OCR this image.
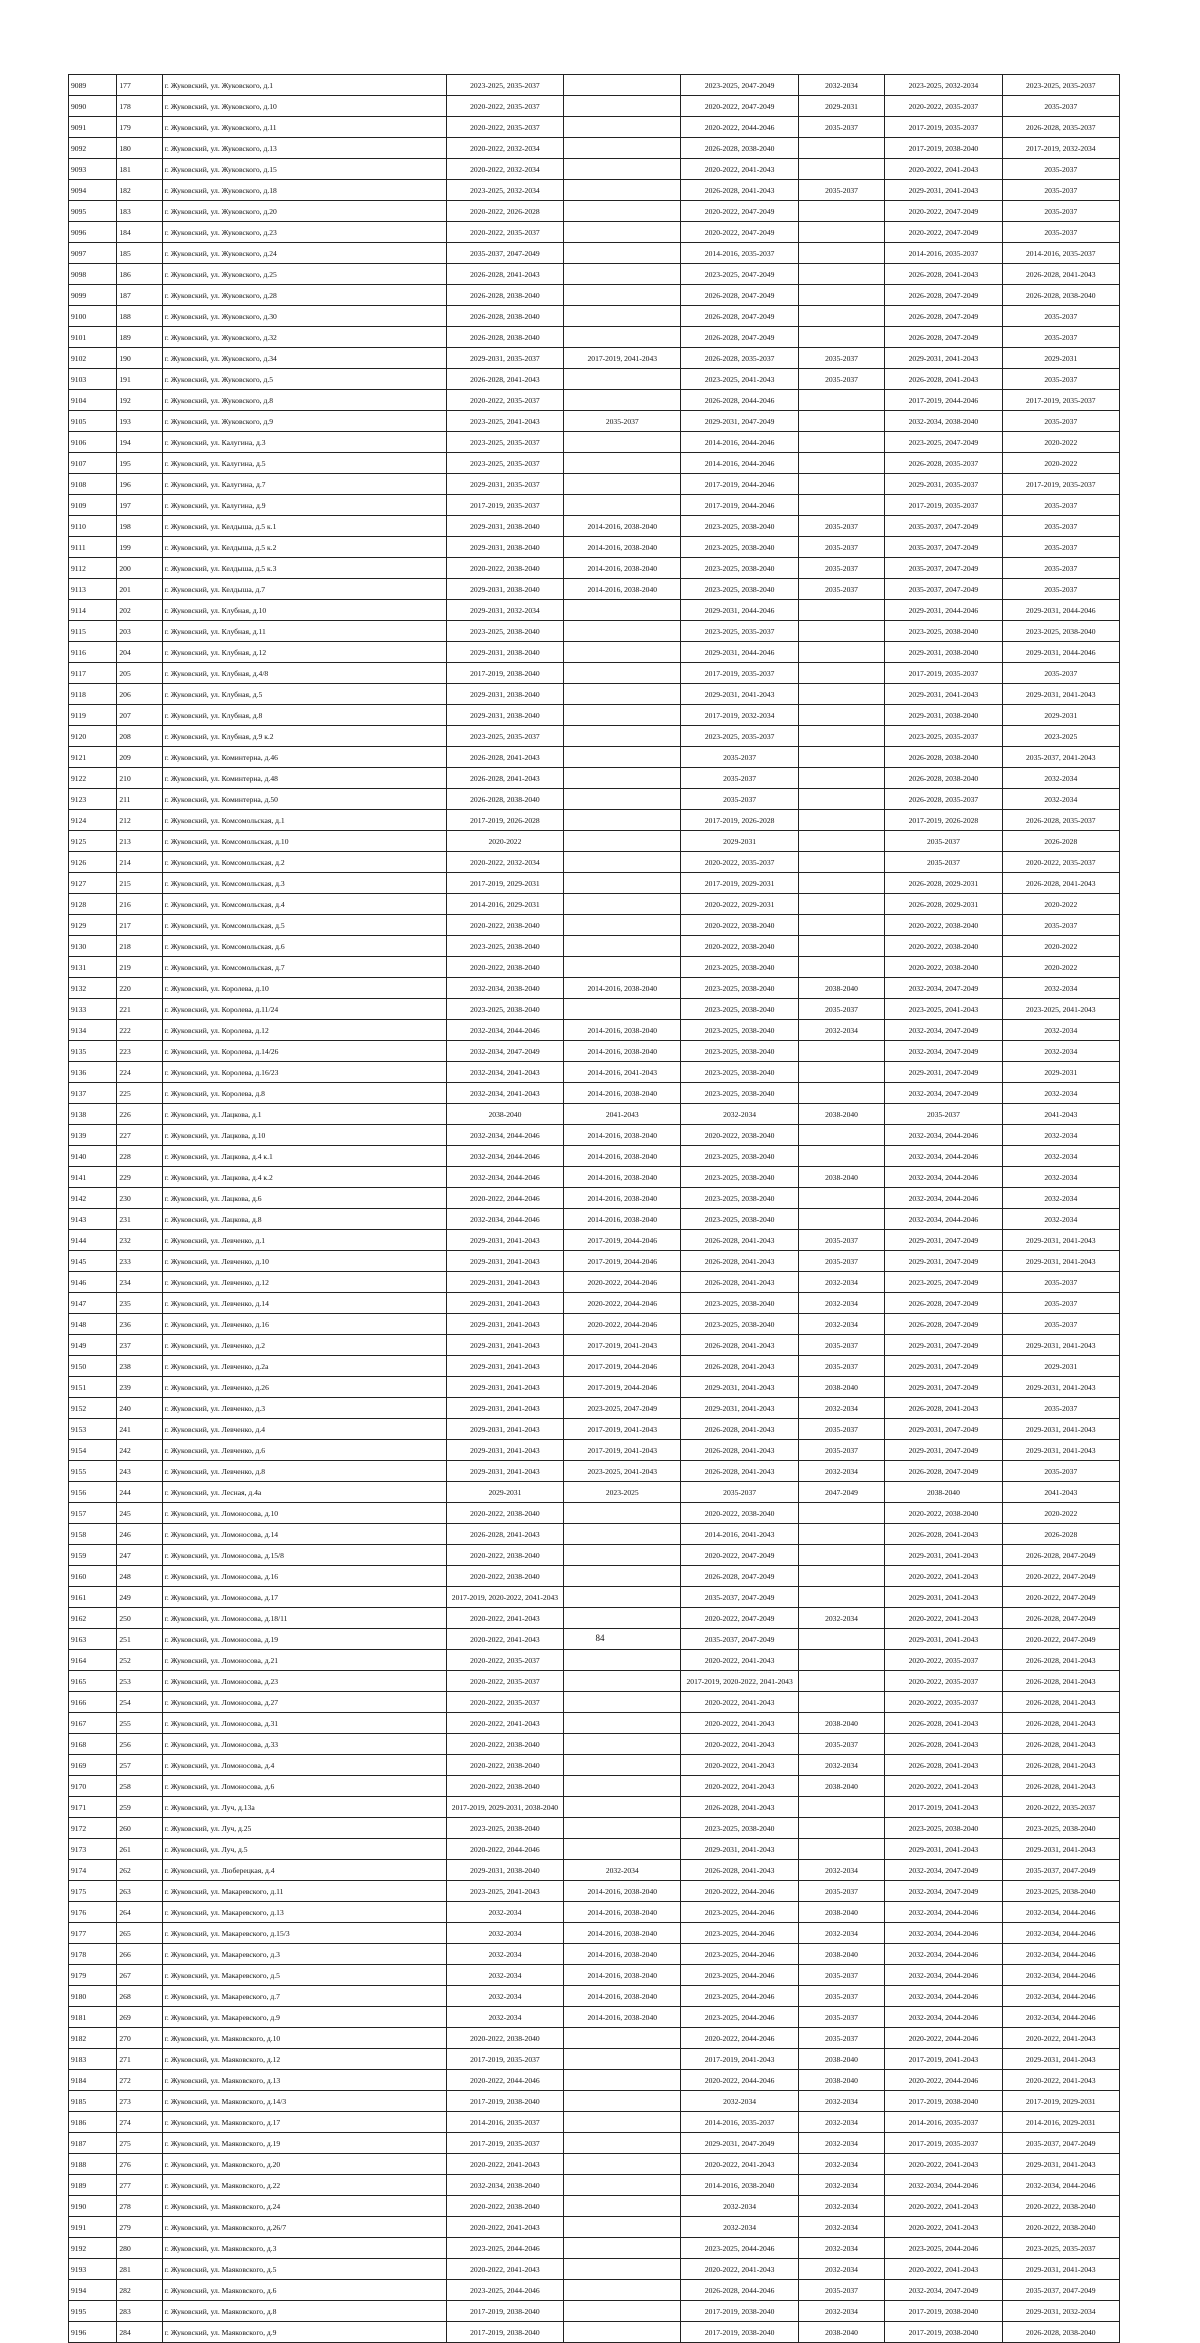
9089	177	г. Жуковский, ул. Жуковского, д.1	2023-2025, 2035-2037		2023-2025, 2047-2049	2032-2034	2023-2025, 2032-2034	2023-2025, 2035-2037
9090	178	г. Жуковский, ул. Жуковского, д.10	2020-2022, 2035-2037		2020-2022, 2047-2049	2029-2031	2020-2022, 2035-2037	2035-2037
9091	179	г. Жуковский, ул. Жуковского, д.11	2020-2022, 2035-2037		2020-2022, 2044-2046	2035-2037	2017-2019, 2035-2037	2026-2028, 2035-2037
9092	180	г. Жуковский, ул. Жуковского, д.13	2020-2022, 2032-2034		2026-2028, 2038-2040		2017-2019, 2038-2040	2017-2019, 2032-2034
9093	181	г. Жуковский, ул. Жуковского, д.15	2020-2022, 2032-2034		2020-2022, 2041-2043		2020-2022, 2041-2043	2035-2037
9094	182	г. Жуковский, ул. Жуковского, д.18	2023-2025, 2032-2034		2026-2028, 2041-2043	2035-2037	2029-2031, 2041-2043	2035-2037
9095	183	г. Жуковский, ул. Жуковского, д.20	2020-2022, 2026-2028		2020-2022, 2047-2049		2020-2022, 2047-2049	2035-2037
9096	184	г. Жуковский, ул. Жуковского, д.23	2020-2022, 2035-2037		2020-2022, 2047-2049		2020-2022, 2047-2049	2035-2037
9097	185	г. Жуковский, ул. Жуковского, д.24	2035-2037, 2047-2049		2014-2016, 2035-2037		2014-2016, 2035-2037	2014-2016, 2035-2037
9098	186	г. Жуковский, ул. Жуковского, д.25	2026-2028, 2041-2043		2023-2025, 2047-2049		2026-2028, 2041-2043	2026-2028, 2041-2043
9099	187	г. Жуковский, ул. Жуковского, д.28	2026-2028, 2038-2040		2026-2028, 2047-2049		2026-2028, 2047-2049	2026-2028, 2038-2040
9100	188	г. Жуковский, ул. Жуковского, д.30	2026-2028, 2038-2040		2026-2028, 2047-2049		2026-2028, 2047-2049	2035-2037
9101	189	г. Жуковский, ул. Жуковского, д.32	2026-2028, 2038-2040		2026-2028, 2047-2049		2026-2028, 2047-2049	2035-2037
9102	190	г. Жуковский, ул. Жуковского, д.34	2029-2031, 2035-2037	2017-2019, 2041-2043	2026-2028, 2035-2037	2035-2037	2029-2031, 2041-2043	2029-2031
9103	191	г. Жуковский, ул. Жуковского, д.5	2026-2028, 2041-2043		2023-2025, 2041-2043	2035-2037	2026-2028, 2041-2043	2035-2037
9104	192	г. Жуковский, ул. Жуковского, д.8	2020-2022, 2035-2037		2026-2028, 2044-2046		2017-2019, 2044-2046	2017-2019, 2035-2037
9105	193	г. Жуковский, ул. Жуковского, д.9	2023-2025, 2041-2043	2035-2037	2029-2031, 2047-2049		2032-2034, 2038-2040	2035-2037
9106	194	г. Жуковский, ул. Калугина, д.3	2023-2025, 2035-2037		2014-2016, 2044-2046		2023-2025, 2047-2049	2020-2022
9107	195	г. Жуковский, ул. Калугина, д.5	2023-2025, 2035-2037		2014-2016, 2044-2046		2026-2028, 2035-2037	2020-2022
9108	196	г. Жуковский, ул. Калугина, д.7	2029-2031, 2035-2037		2017-2019, 2044-2046		2029-2031, 2035-2037	2017-2019, 2035-2037
9109	197	г. Жуковский, ул. Калугина, д.9	2017-2019, 2035-2037		2017-2019, 2044-2046		2017-2019, 2035-2037	2035-2037
9110	198	г. Жуковский, ул. Келдыша, д.5 к.1	2029-2031, 2038-2040	2014-2016, 2038-2040	2023-2025, 2038-2040	2035-2037	2035-2037, 2047-2049	2035-2037
9111	199	г. Жуковский, ул. Келдыша, д.5 к.2	2029-2031, 2038-2040	2014-2016, 2038-2040	2023-2025, 2038-2040	2035-2037	2035-2037, 2047-2049	2035-2037
9112	200	г. Жуковский, ул. Келдыша, д.5 к.3	2020-2022, 2038-2040	2014-2016, 2038-2040	2023-2025, 2038-2040	2035-2037	2035-2037, 2047-2049	2035-2037
9113	201	г. Жуковский, ул. Келдыша, д.7	2029-2031, 2038-2040	2014-2016, 2038-2040	2023-2025, 2038-2040	2035-2037	2035-2037, 2047-2049	2035-2037
9114	202	г. Жуковский, ул. Клубная, д.10	2029-2031, 2032-2034		2029-2031, 2044-2046		2029-2031, 2044-2046	2029-2031, 2044-2046
9115	203	г. Жуковский, ул. Клубная, д.11	2023-2025, 2038-2040		2023-2025, 2035-2037		2023-2025, 2038-2040	2023-2025, 2038-2040
9116	204	г. Жуковский, ул. Клубная, д.12	2029-2031, 2038-2040		2029-2031, 2044-2046		2029-2031, 2038-2040	2029-2031, 2044-2046
9117	205	г. Жуковский, ул. Клубная, д.4/8	2017-2019, 2038-2040		2017-2019, 2035-2037		2017-2019, 2035-2037	2035-2037
9118	206	г. Жуковский, ул. Клубная, д.5	2029-2031, 2038-2040		2029-2031, 2041-2043		2029-2031, 2041-2043	2029-2031, 2041-2043
9119	207	г. Жуковский, ул. Клубная, д.8	2029-2031, 2038-2040		2017-2019, 2032-2034		2029-2031, 2038-2040	2029-2031
9120	208	г. Жуковский, ул. Клубная, д.9 к.2	2023-2025, 2035-2037		2023-2025, 2035-2037		2023-2025, 2035-2037	2023-2025
9121	209	г. Жуковский, ул. Коминтерна, д.46	2026-2028, 2041-2043		2035-2037		2026-2028, 2038-2040	2035-2037, 2041-2043
9122	210	г. Жуковский, ул. Коминтерна, д.48	2026-2028, 2041-2043		2035-2037		2026-2028, 2038-2040	2032-2034
9123	211	г. Жуковский, ул. Коминтерна, д.50	2026-2028, 2038-2040		2035-2037		2026-2028, 2035-2037	2032-2034
9124	212	г. Жуковский, ул. Комсомольская, д.1	2017-2019, 2026-2028		2017-2019, 2026-2028		2017-2019, 2026-2028	2026-2028, 2035-2037
9125	213	г. Жуковский, ул. Комсомольская, д.10	2020-2022		2029-2031		2035-2037	2026-2028
9126	214	г. Жуковский, ул. Комсомольская, д.2	2020-2022, 2032-2034		2020-2022, 2035-2037		2035-2037	2020-2022, 2035-2037
9127	215	г. Жуковский, ул. Комсомольская, д.3	2017-2019, 2029-2031		2017-2019, 2029-2031		2026-2028, 2029-2031	2026-2028, 2041-2043
9128	216	г. Жуковский, ул. Комсомольская, д.4	2014-2016, 2029-2031		2020-2022, 2029-2031		2026-2028, 2029-2031	2020-2022
9129	217	г. Жуковский, ул. Комсомольская, д.5	2020-2022, 2038-2040		2020-2022, 2038-2040		2020-2022, 2038-2040	2035-2037
9130	218	г. Жуковский, ул. Комсомольская, д.6	2023-2025, 2038-2040		2020-2022, 2038-2040		2020-2022, 2038-2040	2020-2022
9131	219	г. Жуковский, ул. Комсомольская, д.7	2020-2022, 2038-2040		2023-2025, 2038-2040		2020-2022, 2038-2040	2020-2022
9132	220	г. Жуковский, ул. Королева, д.10	2032-2034, 2038-2040	2014-2016, 2038-2040	2023-2025, 2038-2040	2038-2040	2032-2034, 2047-2049	2032-2034
9133	221	г. Жуковский, ул. Королева, д.11/24	2023-2025, 2038-2040		2023-2025, 2038-2040	2035-2037	2023-2025, 2041-2043	2023-2025, 2041-2043
9134	222	г. Жуковский, ул. Королева, д.12	2032-2034, 2044-2046	2014-2016, 2038-2040	2023-2025, 2038-2040	2032-2034	2032-2034, 2047-2049	2032-2034
9135	223	г. Жуковский, ул. Королева, д.14/26	2032-2034, 2047-2049	2014-2016, 2038-2040	2023-2025, 2038-2040		2032-2034, 2047-2049	2032-2034
9136	224	г. Жуковский, ул. Королева, д.16/23	2032-2034, 2041-2043	2014-2016, 2041-2043	2023-2025, 2038-2040		2029-2031, 2047-2049	2029-2031
9137	225	г. Жуковский, ул. Королева, д.8	2032-2034, 2041-2043	2014-2016, 2038-2040	2023-2025, 2038-2040		2032-2034, 2047-2049	2032-2034
9138	226	г. Жуковский, ул. Лацкова, д.1	2038-2040	2041-2043	2032-2034	2038-2040	2035-2037	2041-2043
9139	227	г. Жуковский, ул. Лацкова, д.10	2032-2034, 2044-2046	2014-2016, 2038-2040	2020-2022, 2038-2040		2032-2034, 2044-2046	2032-2034
9140	228	г. Жуковский, ул. Лацкова, д.4 к.1	2032-2034, 2044-2046	2014-2016, 2038-2040	2023-2025, 2038-2040		2032-2034, 2044-2046	2032-2034
9141	229	г. Жуковский, ул. Лацкова, д.4 к.2	2032-2034, 2044-2046	2014-2016, 2038-2040	2023-2025, 2038-2040	2038-2040	2032-2034, 2044-2046	2032-2034
9142	230	г. Жуковский, ул. Лацкова, д.6	2020-2022, 2044-2046	2014-2016, 2038-2040	2023-2025, 2038-2040		2032-2034, 2044-2046	2032-2034
9143	231	г. Жуковский, ул. Лацкова, д.8	2032-2034, 2044-2046	2014-2016, 2038-2040	2023-2025, 2038-2040		2032-2034, 2044-2046	2032-2034
9144	232	г. Жуковский, ул. Левченко, д.1	2029-2031, 2041-2043	2017-2019, 2044-2046	2026-2028, 2041-2043	2035-2037	2029-2031, 2047-2049	2029-2031, 2041-2043
9145	233	г. Жуковский, ул. Левченко, д.10	2029-2031, 2041-2043	2017-2019, 2044-2046	2026-2028, 2041-2043	2035-2037	2029-2031, 2047-2049	2029-2031, 2041-2043
9146	234	г. Жуковский, ул. Левченко, д.12	2029-2031, 2041-2043	2020-2022, 2044-2046	2026-2028, 2041-2043	2032-2034	2023-2025, 2047-2049	2035-2037
9147	235	г. Жуковский, ул. Левченко, д.14	2029-2031, 2041-2043	2020-2022, 2044-2046	2023-2025, 2038-2040	2032-2034	2026-2028, 2047-2049	2035-2037
9148	236	г. Жуковский, ул. Левченко, д.16	2029-2031, 2041-2043	2020-2022, 2044-2046	2023-2025, 2038-2040	2032-2034	2026-2028, 2047-2049	2035-2037
9149	237	г. Жуковский, ул. Левченко, д.2	2029-2031, 2041-2043	2017-2019, 2041-2043	2026-2028, 2041-2043	2035-2037	2029-2031, 2047-2049	2029-2031, 2041-2043
9150	238	г. Жуковский, ул. Левченко, д.2а	2029-2031, 2041-2043	2017-2019, 2044-2046	2026-2028, 2041-2043	2035-2037	2029-2031, 2047-2049	2029-2031
9151	239	г. Жуковский, ул. Левченко, д.26	2029-2031, 2041-2043	2017-2019, 2044-2046	2029-2031, 2041-2043	2038-2040	2029-2031, 2047-2049	2029-2031, 2041-2043
9152	240	г. Жуковский, ул. Левченко, д.3	2029-2031, 2041-2043	2023-2025, 2047-2049	2029-2031, 2041-2043	2032-2034	2026-2028, 2041-2043	2035-2037
9153	241	г. Жуковский, ул. Левченко, д.4	2029-2031, 2041-2043	2017-2019, 2041-2043	2026-2028, 2041-2043	2035-2037	2029-2031, 2047-2049	2029-2031, 2041-2043
9154	242	г. Жуковский, ул. Левченко, д.6	2029-2031, 2041-2043	2017-2019, 2041-2043	2026-2028, 2041-2043	2035-2037	2029-2031, 2047-2049	2029-2031, 2041-2043
9155	243	г. Жуковский, ул. Левченко, д.8	2029-2031, 2041-2043	2023-2025, 2041-2043	2026-2028, 2041-2043	2032-2034	2026-2028, 2047-2049	2035-2037
9156	244	г. Жуковский, ул. Лесная, д.4а	2029-2031	2023-2025	2035-2037	2047-2049	2038-2040	2041-2043
9157	245	г. Жуковский, ул. Ломоносова, д.10	2020-2022, 2038-2040		2020-2022, 2038-2040		2020-2022, 2038-2040	2020-2022
9158	246	г. Жуковский, ул. Ломоносова, д.14	2026-2028, 2041-2043		2014-2016, 2041-2043		2026-2028, 2041-2043	2026-2028
9159	247	г. Жуковский, ул. Ломоносова, д.15/8	2020-2022, 2038-2040		2020-2022, 2047-2049		2029-2031, 2041-2043	2026-2028, 2047-2049
9160	248	г. Жуковский, ул. Ломоносова, д.16	2020-2022, 2038-2040		2026-2028, 2047-2049		2020-2022, 2041-2043	2020-2022, 2047-2049
9161	249	г. Жуковский, ул. Ломоносова, д.17	2017-2019, 2020-2022, 2041-2043		2035-2037, 2047-2049		2029-2031, 2041-2043	2020-2022, 2047-2049
9162	250	г. Жуковский, ул. Ломоносова, д.18/11	2020-2022, 2041-2043		2020-2022, 2047-2049	2032-2034	2020-2022, 2041-2043	2026-2028, 2047-2049
9163	251	г. Жуковский, ул. Ломоносова, д.19	2020-2022, 2041-2043		2035-2037, 2047-2049		2029-2031, 2041-2043	2020-2022, 2047-2049
9164	252	г. Жуковский, ул. Ломоносова, д.21	2020-2022, 2035-2037		2020-2022, 2041-2043		2020-2022, 2035-2037	2026-2028, 2041-2043
9165	253	г. Жуковский, ул. Ломоносова, д.23	2020-2022, 2035-2037		2017-2019, 2020-2022, 2041-2043		2020-2022, 2035-2037	2026-2028, 2041-2043
9166	254	г. Жуковский, ул. Ломоносова, д.27	2020-2022, 2035-2037		2020-2022, 2041-2043		2020-2022, 2035-2037	2026-2028, 2041-2043
9167	255	г. Жуковский, ул. Ломоносова, д.31	2020-2022, 2041-2043		2020-2022, 2041-2043	2038-2040	2026-2028, 2041-2043	2026-2028, 2041-2043
9168	256	г. Жуковский, ул. Ломоносова, д.33	2020-2022, 2038-2040		2020-2022, 2041-2043	2035-2037	2026-2028, 2041-2043	2026-2028, 2041-2043
9169	257	г. Жуковский, ул. Ломоносова, д.4	2020-2022, 2038-2040		2020-2022, 2041-2043	2032-2034	2026-2028, 2041-2043	2026-2028, 2041-2043
9170	258	г. Жуковский, ул. Ломоносова, д.6	2020-2022, 2038-2040		2020-2022, 2041-2043	2038-2040	2020-2022, 2041-2043	2026-2028, 2041-2043
9171	259	г. Жуковский, ул. Луч, д.13а	2017-2019, 2029-2031, 2038-2040		2026-2028, 2041-2043		2017-2019, 2041-2043	2020-2022, 2035-2037
9172	260	г. Жуковский, ул. Луч, д.25	2023-2025, 2038-2040		2023-2025, 2038-2040		2023-2025, 2038-2040	2023-2025, 2038-2040
9173	261	г. Жуковский, ул. Луч, д.5	2020-2022, 2044-2046		2029-2031, 2041-2043		2029-2031, 2041-2043	2029-2031, 2041-2043
9174	262	г. Жуковский, ул. Люберецкая, д.4	2029-2031, 2038-2040	2032-2034	2026-2028, 2041-2043	2032-2034	2032-2034, 2047-2049	2035-2037, 2047-2049
9175	263	г. Жуковский, ул. Макаревского, д.11	2023-2025, 2041-2043	2014-2016, 2038-2040	2020-2022, 2044-2046	2035-2037	2032-2034, 2047-2049	2023-2025, 2038-2040
9176	264	г. Жуковский, ул. Макаревского, д.13	2032-2034	2014-2016, 2038-2040	2023-2025, 2044-2046	2038-2040	2032-2034, 2044-2046	2032-2034, 2044-2046
9177	265	г. Жуковский, ул. Макаревского, д.15/3	2032-2034	2014-2016, 2038-2040	2023-2025, 2044-2046	2032-2034	2032-2034, 2044-2046	2032-2034, 2044-2046
9178	266	г. Жуковский, ул. Макаревского, д.3	2032-2034	2014-2016, 2038-2040	2023-2025, 2044-2046	2038-2040	2032-2034, 2044-2046	2032-2034, 2044-2046
9179	267	г. Жуковский, ул. Макаревского, д.5	2032-2034	2014-2016, 2038-2040	2023-2025, 2044-2046	2035-2037	2032-2034, 2044-2046	2032-2034, 2044-2046
9180	268	г. Жуковский, ул. Макаревского, д.7	2032-2034	2014-2016, 2038-2040	2023-2025, 2044-2046	2035-2037	2032-2034, 2044-2046	2032-2034, 2044-2046
9181	269	г. Жуковский, ул. Макаревского, д.9	2032-2034	2014-2016, 2038-2040	2023-2025, 2044-2046	2035-2037	2032-2034, 2044-2046	2032-2034, 2044-2046
9182	270	г. Жуковский, ул. Маяковского, д.10	2020-2022, 2038-2040		2020-2022, 2044-2046	2035-2037	2020-2022, 2044-2046	2020-2022, 2041-2043
9183	271	г. Жуковский, ул. Маяковского, д.12	2017-2019, 2035-2037		2017-2019, 2041-2043	2038-2040	2017-2019, 2041-2043	2029-2031, 2041-2043
9184	272	г. Жуковский, ул. Маяковского, д.13	2020-2022, 2044-2046		2020-2022, 2044-2046	2038-2040	2020-2022, 2044-2046	2020-2022, 2041-2043
9185	273	г. Жуковский, ул. Маяковского, д.14/3	2017-2019, 2038-2040		2032-2034	2032-2034	2017-2019, 2038-2040	2017-2019, 2029-2031
9186	274	г. Жуковский, ул. Маяковского, д.17	2014-2016, 2035-2037		2014-2016, 2035-2037	2032-2034	2014-2016, 2035-2037	2014-2016, 2029-2031
9187	275	г. Жуковский, ул. Маяковского, д.19	2017-2019, 2035-2037		2029-2031, 2047-2049	2032-2034	2017-2019, 2035-2037	2035-2037, 2047-2049
9188	276	г. Жуковский, ул. Маяковского, д.20	2020-2022, 2041-2043		2020-2022, 2041-2043	2032-2034	2020-2022, 2041-2043	2029-2031, 2041-2043
9189	277	г. Жуковский, ул. Маяковского, д.22	2032-2034, 2038-2040		2014-2016, 2038-2040	2032-2034	2032-2034, 2044-2046	2032-2034, 2044-2046
9190	278	г. Жуковский, ул. Маяковского, д.24	2020-2022, 2038-2040		2032-2034	2032-2034	2020-2022, 2041-2043	2020-2022, 2038-2040
9191	279	г. Жуковский, ул. Маяковского, д.26/7	2020-2022, 2041-2043		2032-2034	2032-2034	2020-2022, 2041-2043	2020-2022, 2038-2040
9192	280	г. Жуковский, ул. Маяковского, д.3	2023-2025, 2044-2046		2023-2025, 2044-2046	2032-2034	2023-2025, 2044-2046	2023-2025, 2035-2037
9193	281	г. Жуковский, ул. Маяковского, д.5	2020-2022, 2041-2043		2020-2022, 2041-2043	2032-2034	2020-2022, 2041-2043	2029-2031, 2041-2043
9194	282	г. Жуковский, ул. Маяковского, д.6	2023-2025, 2044-2046		2026-2028, 2044-2046	2035-2037	2032-2034, 2047-2049	2035-2037, 2047-2049
9195	283	г. Жуковский, ул. Маяковского, д.8	2017-2019, 2038-2040		2017-2019, 2038-2040	2032-2034	2017-2019, 2038-2040	2029-2031, 2032-2034
9196	284	г. Жуковский, ул. Маяковского, д.9	2017-2019, 2038-2040		2017-2019, 2038-2040	2038-2040	2017-2019, 2038-2040	2026-2028, 2038-2040
84
